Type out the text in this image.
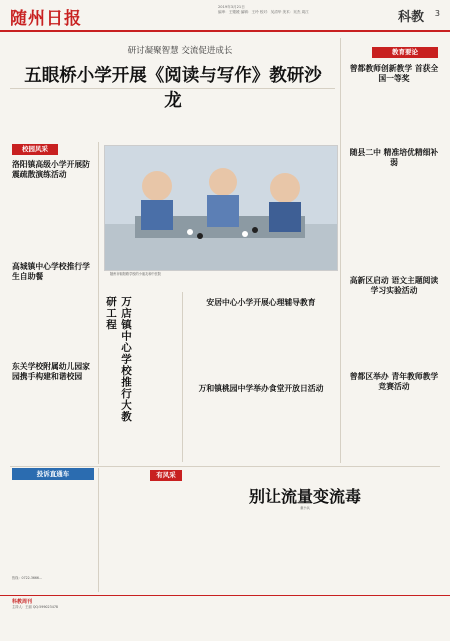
随州日报
2019年3月21日
编审：王嫒媛 编辑：王玲 校对：吴清华 美术：吴杰 周江	科教 3
研讨凝聚智慧 交流促进成长
五眼桥小学开展《阅读与写作》教研沙龙
教育要论
校园风采
洛阳镇高级小学开展防震疏散演练活动
高城镇中心学校推行学生自助餐
东关学校附属幼儿园家园携手构建和谐校园
随州市朝阳路学校的小朋友和中医院
万店镇中心学校推行大教研工程	安居中心小学开展心理辅导教育
万和镇桃园中学举办食堂开放日活动
曾都教师创新教学 首获全国一等奖
随县二中 精准培优精细补弱
高新区启动 语文主题阅读学习实验活动
曾都区举办 青年教师教学竞赛活动
投诉直通车
热线：0722-3666...
有风采
别让流量变流毒
童小兵
科教周刊
主持人：王丽 QQ:599023478
